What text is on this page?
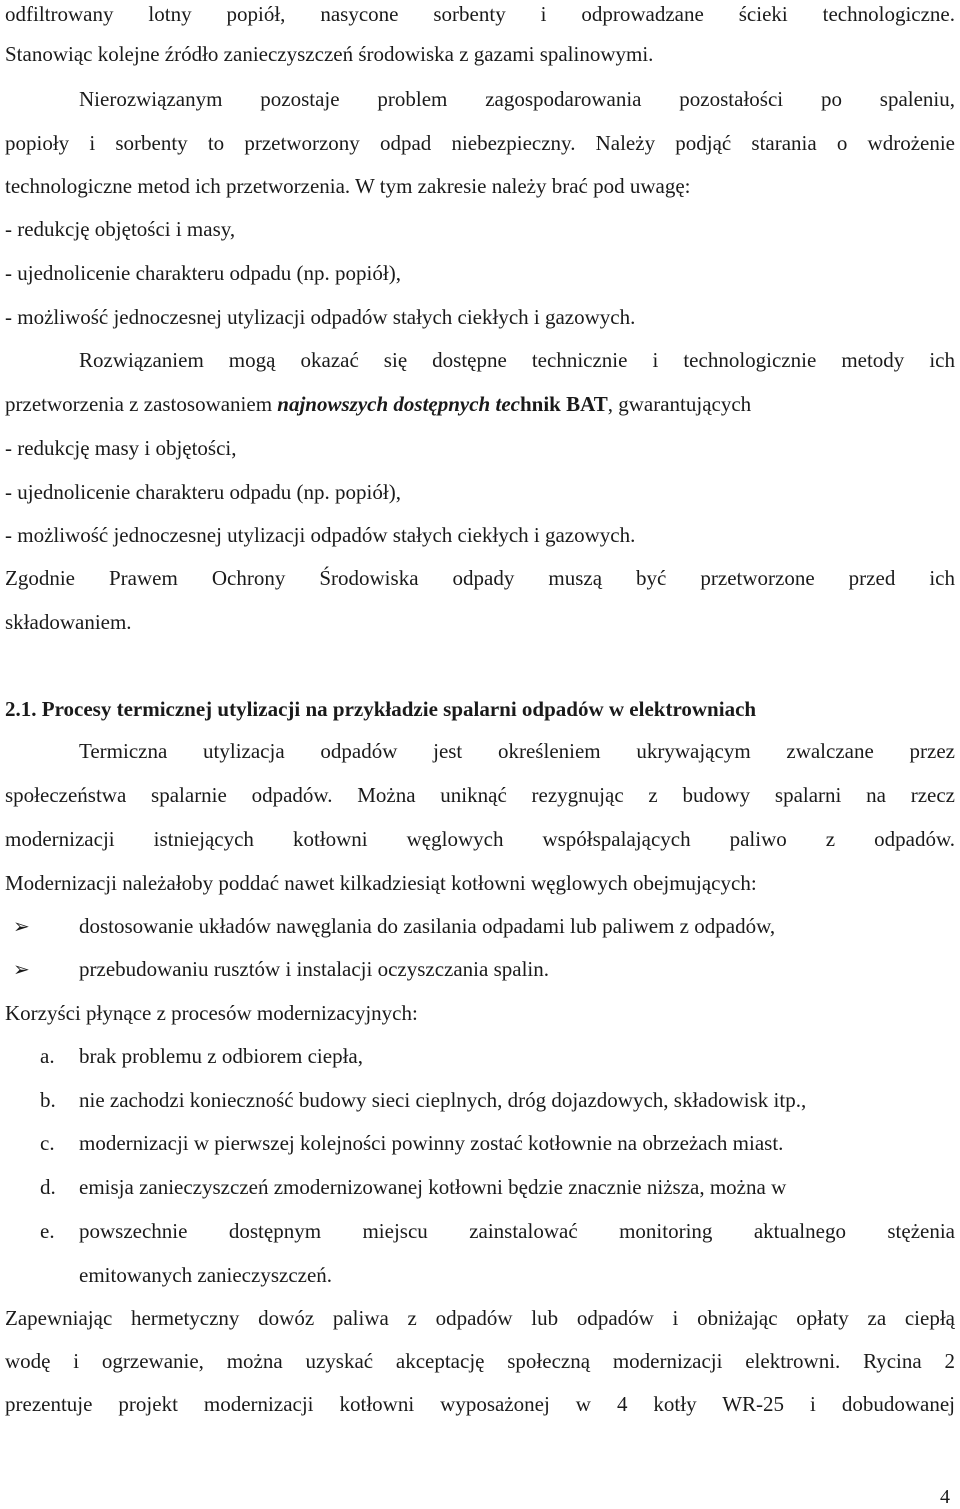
odfiltrowany lotny popiół, nasycone sorbenty i odprowadzane ścieki technologiczne.
Stanowiąc kolejne źródło zanieczyszczeń środowiska z gazami spalinowymi.
Nierozwiązanym pozostaje problem zagospodarowania pozostałości po spaleniu,
popioły i sorbenty to przetworzony odpad niebezpieczny. Należy podjąć starania o wdrożenie
technologiczne metod ich przetworzenia. W tym zakresie należy brać pod uwagę:
- redukcję objętości i masy,
- ujednolicenie charakteru odpadu (np. popiół),
- możliwość jednoczesnej utylizacji odpadów stałych ciekłych i gazowych.
Rozwiązaniem mogą okazać się dostępne technicznie i technologicznie metody ich
przetworzenia z zastosowaniem najnowszych dostępnych technik BAT, gwarantujących
- redukcję masy i objętości,
- ujednolicenie charakteru odpadu (np. popiół),
- możliwość jednoczesnej utylizacji odpadów stałych ciekłych i gazowych.
Zgodnie Prawem Ochrony Środowiska odpady muszą być przetworzone przed ich
składowaniem.
2.1. Procesy termicznej utylizacji na przykładzie spalarni odpadów w elektrowniach
Termiczna utylizacja odpadów jest określeniem ukrywającym zwalczane przez
społeczeństwa spalarnie odpadów. Można uniknąć rezygnując z budowy spalarni na rzecz
modernizacji istniejących kotłowni węglowych współspalających paliwo z odpadów.
Modernizacji należałoby poddać nawet kilkadziesiąt kotłowni węglowych obejmujących:
➢ dostosowanie układów nawęglania do zasilania odpadami lub paliwem z odpadów,
➢ przebudowaniu rusztów i instalacji oczyszczania spalin.
Korzyści płynące z procesów modernizacyjnych:
a. brak problemu z odbiorem ciepła,
b. nie zachodzi konieczność budowy sieci cieplnych, dróg dojazdowych, składowisk itp.,
c. modernizacji w pierwszej kolejności powinny zostać kotłownie na obrzeżach miast.
d. emisja zanieczyszczeń zmodernizowanej kotłowni będzie znacznie niższa, można w
e. powszechnie dostępnym miejscu zainstalować monitoring aktualnego stężenia
emitowanych zanieczyszczeń.
Zapewniając hermetyczny dowóz paliwa z odpadów lub odpadów i obniżając opłaty za ciepłą
wodę i ogrzewanie, można uzyskać akceptację społeczną modernizacji elektrowni. Rycina 2
prezentuje projekt modernizacji kotłowni wyposażonej w 4 kotły WR-25 i dobudowanej
4
